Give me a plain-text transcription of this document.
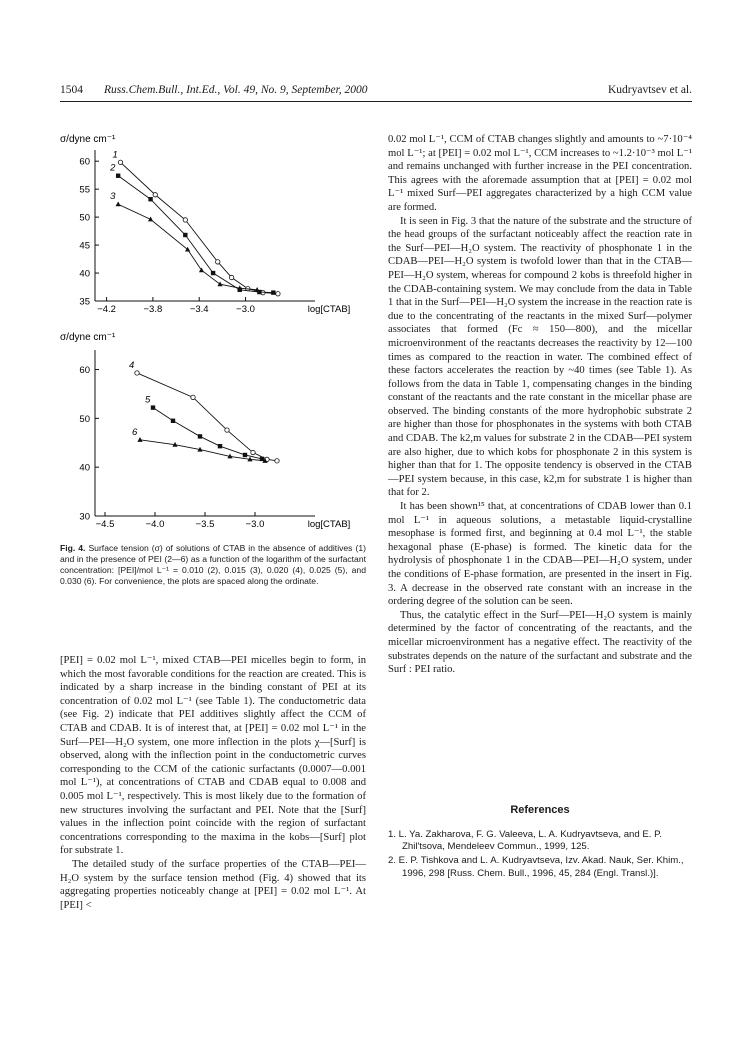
1504 Russ.Chem.Bull., Int.Ed., Vol. 49, No. 9, September, 2000	Kudryavtsev et al.
σ/dyne cm⁻¹
σ/dyne cm⁻¹
−4.2	−3.8	−3.4	−3.0
35
40
45
50
55
60
log[CTAB]
1
2
3
−4.5	−4.0	−3.5	−3.0
30
40
50
60
log[CTAB]
4
5
6
Fig. 4. Surface tension (σ) of solutions of CTAB in the absence of additives (1) and in the presence of PEI (2—6) as a function of the logarithm of the surfactant concentration: [PEI]/mol L⁻¹ = 0.010 (2), 0.015 (3), 0.020 (4), 0.025 (5), and 0.030 (6). For convenience, the plots are spaced along the ordinate.

[PEI] = 0.02 mol L⁻¹, mixed CTAB—PEI micelles begin to form, in which the most favorable conditions for the reaction are created. This is indicated by a sharp increase in the binding constant of PEI at its concentration of 0.02 mol L⁻¹ (see Table 1). The conductometric data (see Fig. 2) indicate that PEI additives slightly affect the CCM of CTAB and CDAB. It is of interest that, at [PEI] = 0.02 mol L⁻¹ in the Surf—PEI—H₂O system, one more inflection in the plots χ—[Surf] is observed, along with the inflection point in the conductometric curves corresponding to the CCM of the cationic surfactants (0.0007—0.001 mol L⁻¹), at concentrations of CTAB and CDAB equal to 0.008 and 0.005 mol L⁻¹, respectively. This is most likely due to the formation of new structures involving the surfactant and PEI. Note that the [Surf] values in the inflection point coincide with the region of surfactant concentrations corresponding to the maxima in the kobs—[Surf] plot for substrate 1.

The detailed study of the surface properties of the CTAB—PEI—H₂O system by the surface tension method (Fig. 4) showed that its aggregating properties noticeably change at [PEI] = 0.02 mol L⁻¹. At [PEI] <

0.02 mol L⁻¹, CCM of CTAB changes slightly and amounts to ~7·10⁻⁴ mol L⁻¹; at [PEI] = 0.02 mol L⁻¹, CCM increases to ~1.2·10⁻³ mol L⁻¹ and remains unchanged with further increase in the PEI concentration. This agrees with the aforemade assumption that at [PEI] = 0.02 mol L⁻¹ mixed Surf—PEI aggregates characterized by a high CCM value are formed.

It is seen in Fig. 3 that the nature of the substrate and the structure of the head groups of the surfactant noticeably affect the reaction rate in the Surf—PEI—H₂O system. The reactivity of phosphonate 1 in the CDAB—PEI—H₂O system is twofold lower than that in the CTAB—PEI—H₂O system, whereas for compound 2 kobs is threefold higher in the CDAB-containing system. We may conclude from the data in Table 1 that in the Surf—PEI—H₂O system the increase in the reaction rate is due to the concentrating of the reactants in the mixed Surf—polymer associates that formed (Fc ≈ 150—800), and the micellar microenvironment of the reactants decreases the reactivity by 12—100 times as compared to the reaction in water. The combined effect of these factors accelerates the reaction by ~40 times (see Table 1). As follows from the data in Table 1, compensating changes in the binding constant of the reactants and the rate constant in the micellar phase are observed. The binding constants of the more hydrophobic substrate 2 are higher than those for phosphonates in the systems with both CTAB and CDAB. The k2,m values for substrate 2 in the CDAB—PEI system are also higher, due to which kobs for phosphonate 2 in this system is higher than that for 1. The opposite tendency is observed in the CTAB—PEI system because, in this case, k2,m for substrate 1 is higher than that for 2.

It has been shown¹⁵ that, at concentrations of CDAB lower than 0.1 mol L⁻¹ in aqueous solutions, a metastable liquid-crystalline mesophase is formed first, and beginning at 0.4 mol L⁻¹, the stable hexagonal phase (E-phase) is formed. The kinetic data for the hydrolysis of phosphonate 1 in the CDAB—PEI—H₂O system, under the conditions of E-phase formation, are presented in the insert in Fig. 3. A decrease in the observed rate constant with an increase in the ordering degree of the solution can be seen.

Thus, the catalytic effect in the Surf—PEI—H₂O system is mainly determined by the factor of concentrating of the reactants, and the micellar microenvironment has a negative effect. The reactivity of the substrates depends on the nature of the surfactant and substrate and the Surf : PEI ratio.

References
1. L. Ya. Zakharova, F. G. Valeeva, L. A. Kudryavtseva, and E. P. Zhil'tsova, Mendeleev Commun., 1999, 125.
2. E. P. Tishkova and L. A. Kudryavtseva, Izv. Akad. Nauk, Ser. Khim., 1996, 298 [Russ. Chem. Bull., 1996, 45, 284 (Engl. Transl.)].
